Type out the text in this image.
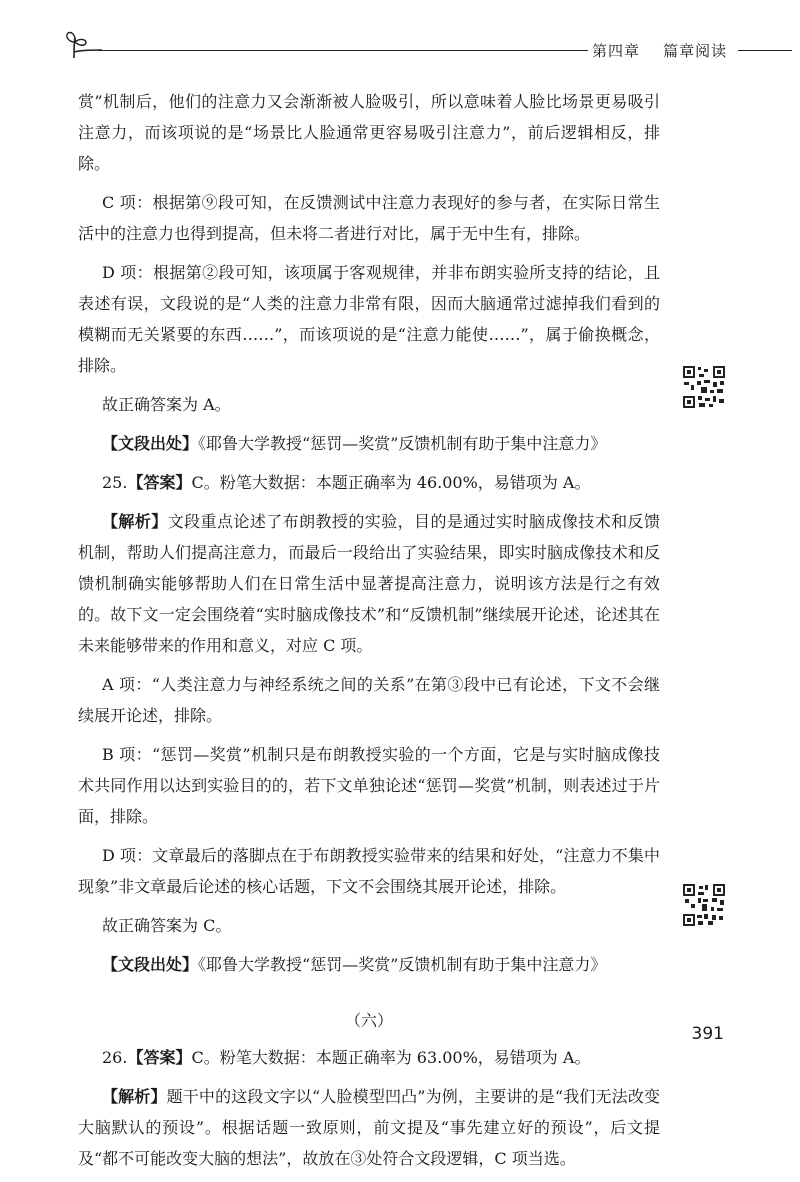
第四章 篇章阅读

赏”机制后，他们的注意力又会渐渐被人脸吸引，所以意味着人脸比场景更易吸引注意力，而该项说的是“场景比人脸通常更容易吸引注意力”，前后逻辑相反，排除。

C 项：根据第⑨段可知，在反馈测试中注意力表现好的参与者，在实际日常生活中的注意力也得到提高，但未将二者进行对比，属于无中生有，排除。

D 项：根据第②段可知，该项属于客观规律，并非布朗实验所支持的结论，且表述有误，文段说的是“人类的注意力非常有限，因而大脑通常过滤掉我们看到的模糊而无关紧要的东西……”，而该项说的是“注意力能使……”，属于偷换概念，排除。

故正确答案为 A。

【文段出处】《耶鲁大学教授“惩罚—奖赏”反馈机制有助于集中注意力》

25.【答案】C。粉笔大数据：本题正确率为 46.00%，易错项为 A。

【解析】文段重点论述了布朗教授的实验，目的是通过实时脑成像技术和反馈机制，帮助人们提高注意力，而最后一段给出了实验结果，即实时脑成像技术和反馈机制确实能够帮助人们在日常生活中显著提高注意力，说明该方法是行之有效的。故下文一定会围绕着“实时脑成像技术”和“反馈机制”继续展开论述，论述其在未来能够带来的作用和意义，对应 C 项。

A 项：“人类注意力与神经系统之间的关系”在第③段中已有论述，下文不会继续展开论述，排除。

B 项：“惩罚—奖赏”机制只是布朗教授实验的一个方面，它是与实时脑成像技术共同作用以达到实验目的的，若下文单独论述“惩罚—奖赏”机制，则表述过于片面，排除。

D 项：文章最后的落脚点在于布朗教授实验带来的结果和好处，“注意力不集中现象”非文章最后论述的核心话题，下文不会围绕其展开论述，排除。

故正确答案为 C。

【文段出处】《耶鲁大学教授“惩罚—奖赏”反馈机制有助于集中注意力》

（六）

26.【答案】C。粉笔大数据：本题正确率为 63.00%，易错项为 A。

【解析】题干中的这段文字以“人脸模型凹凸”为例，主要讲的是“我们无法改变大脑默认的预设”。根据话题一致原则，前文提及“事先建立好的预设”，后文提及“都不可能改变大脑的想法”，故放在③处符合文段逻辑，C 项当选。

391
